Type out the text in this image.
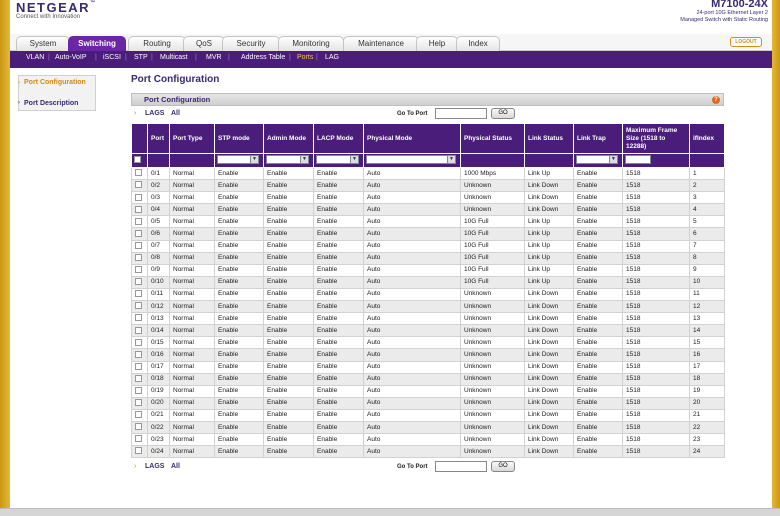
NETGEAR™
Connect with Innovation
M7100-24X
24-port 10G Ethernet Layer 2
Managed Switch with Static Routing
System	Switching	Routing	QoS	Security	Monitoring	Maintenance	Help	Index	LOGOUT
VLAN | Auto-VoIP | iSCSI | STP | Multicast | MVR | Address Table | Ports | LAG
› Port Configuration
› Port Description
Port Configuration
Port Configuration	?
› LAGS All	Go To Port	GO
	Port	Port Type	STP mode	Admin Mode	LACP Mode	Physical Mode	Physical Status	Link Status	Link Trap	Maximum Frame Size (1518 to 12288)	ifIndex

			▼	▼	▼	▼			▼		

	0/1	Normal	Enable	Enable	Enable	Auto	1000 Mbps	Link Up	Enable	1518	1
	0/2	Normal	Enable	Enable	Enable	Auto	Unknown	Link Down	Enable	1518	2
	0/3	Normal	Enable	Enable	Enable	Auto	Unknown	Link Down	Enable	1518	3
	0/4	Normal	Enable	Enable	Enable	Auto	Unknown	Link Down	Enable	1518	4
	0/5	Normal	Enable	Enable	Enable	Auto	10G Full	Link Up	Enable	1518	5
	0/6	Normal	Enable	Enable	Enable	Auto	10G Full	Link Up	Enable	1518	6
	0/7	Normal	Enable	Enable	Enable	Auto	10G Full	Link Up	Enable	1518	7
	0/8	Normal	Enable	Enable	Enable	Auto	10G Full	Link Up	Enable	1518	8
	0/9	Normal	Enable	Enable	Enable	Auto	10G Full	Link Up	Enable	1518	9
	0/10	Normal	Enable	Enable	Enable	Auto	10G Full	Link Up	Enable	1518	10
	0/11	Normal	Enable	Enable	Enable	Auto	Unknown	Link Down	Enable	1518	11
	0/12	Normal	Enable	Enable	Enable	Auto	Unknown	Link Down	Enable	1518	12
	0/13	Normal	Enable	Enable	Enable	Auto	Unknown	Link Down	Enable	1518	13
	0/14	Normal	Enable	Enable	Enable	Auto	Unknown	Link Down	Enable	1518	14
	0/15	Normal	Enable	Enable	Enable	Auto	Unknown	Link Down	Enable	1518	15
	0/16	Normal	Enable	Enable	Enable	Auto	Unknown	Link Down	Enable	1518	16
	0/17	Normal	Enable	Enable	Enable	Auto	Unknown	Link Down	Enable	1518	17
	0/18	Normal	Enable	Enable	Enable	Auto	Unknown	Link Down	Enable	1518	18
	0/19	Normal	Enable	Enable	Enable	Auto	Unknown	Link Down	Enable	1518	19
	0/20	Normal	Enable	Enable	Enable	Auto	Unknown	Link Down	Enable	1518	20
	0/21	Normal	Enable	Enable	Enable	Auto	Unknown	Link Down	Enable	1518	21
	0/22	Normal	Enable	Enable	Enable	Auto	Unknown	Link Down	Enable	1518	22
	0/23	Normal	Enable	Enable	Enable	Auto	Unknown	Link Down	Enable	1518	23
	0/24	Normal	Enable	Enable	Enable	Auto	Unknown	Link Down	Enable	1518	24
› LAGS All	Go To Port	GO
